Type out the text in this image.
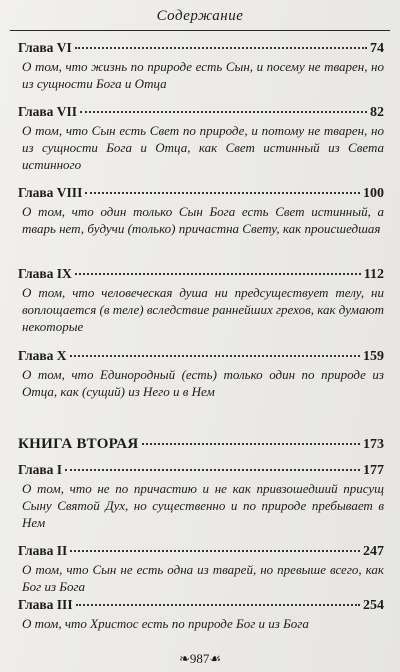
Содержание
Глава VI	74
О том, что жизнь по природе есть Сын, и посему не тварен, но из сущности Бога и Отца
Глава VII	82
О том, что Сын есть Свет по природе, и потому не тварен, но из сущности Бога и Отца, как Свет истинный из Света истинного
Глава VIII	100
О том, что один только Сын Бога есть Свет истинный, а тварь нет, будучи (только) причастна Свету, как происшедшая
Глава IX	112
О том, что человеческая душа ни предсуществует телу, ни воплощается (в теле) вследствие раннейших грехов, как думают некоторые
Глава X	159
О том, что Единородный (есть) только один по природе из Отца, как (сущий) из Него и в Нем
КНИГА ВТОРАЯ	173
Глава I	177
О том, что не по причастию и не как привзошедший присущ Сыну Святой Дух, но существенно и по природе пребывает в Нем
Глава II	247
О том, что Сын не есть одна из тварей, но превыше всего, как Бог из Бога
Глава III	254
О том, что Христос есть по природе Бог и из Бога
❧987☙
